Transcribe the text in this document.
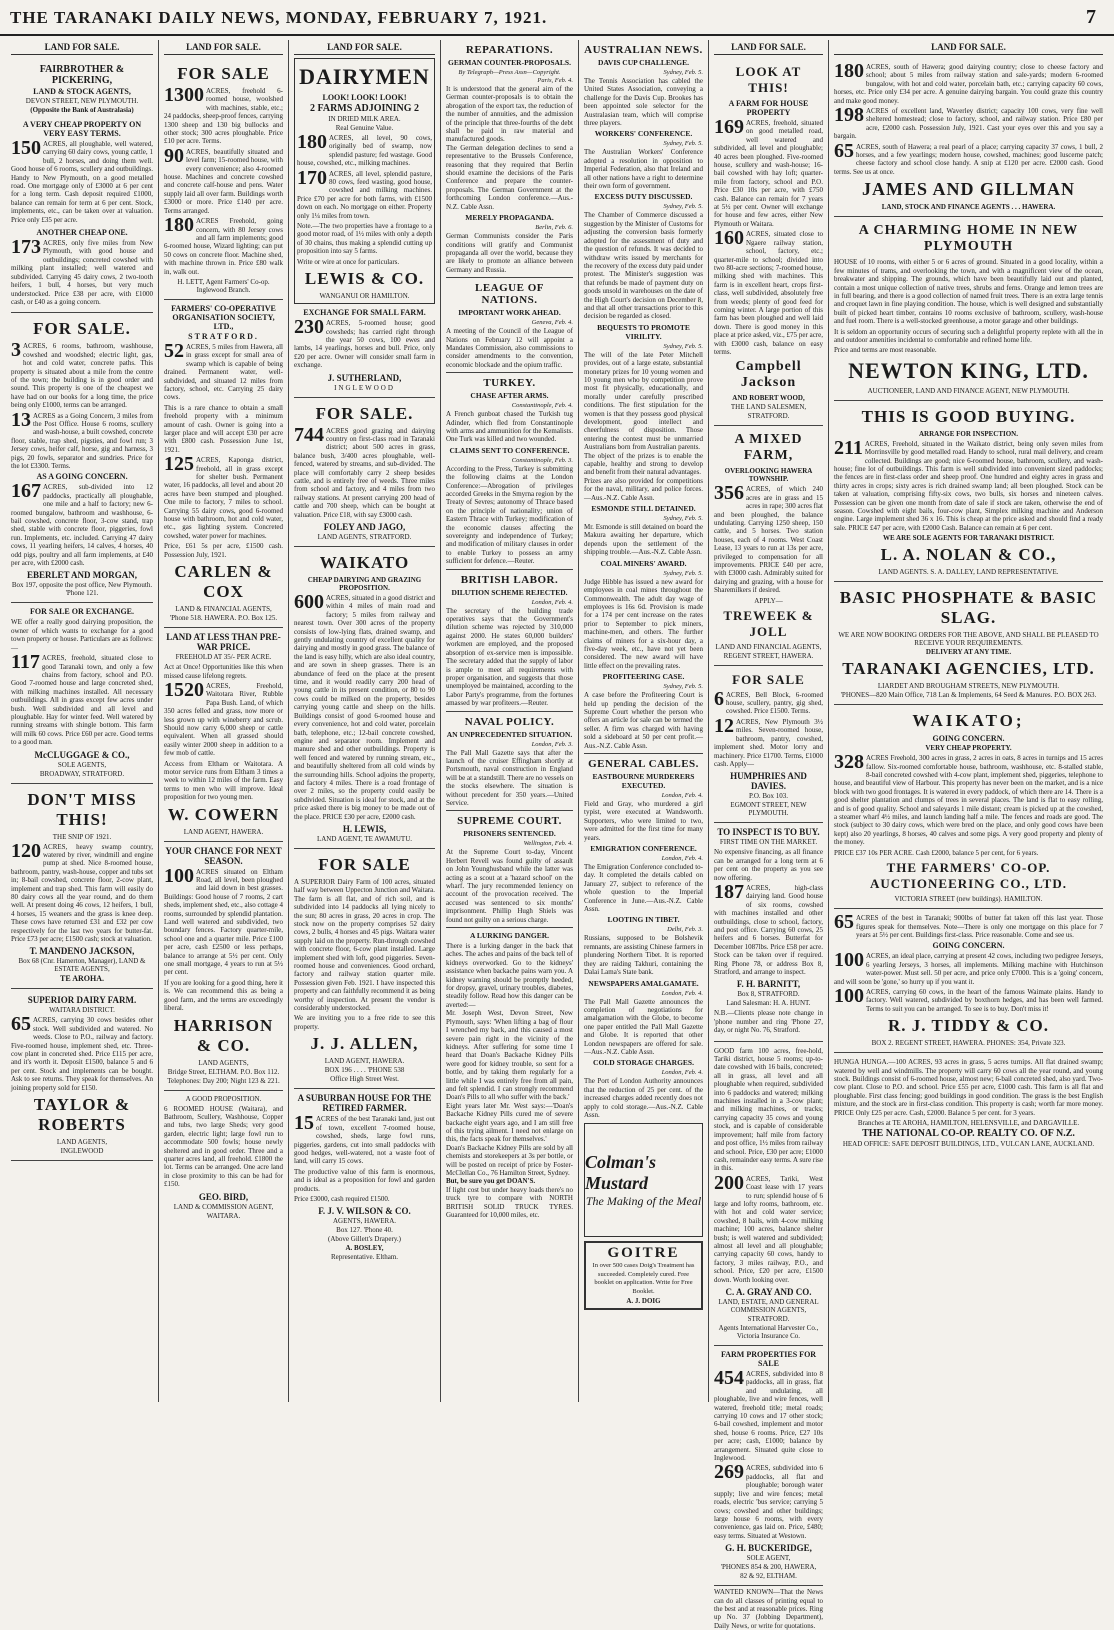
THE TARANAKI DAILY NEWS, MONDAY, FEBRUARY 7, 1921.	7
LAND FOR SALE.
FAIRBROTHER & PICKERING,
LAND & STOCK AGENTS,
DEVON STREET, NEW PLYMOUTH.
(Opposite the Bank of Australasia)
A VERY CHEAP PROPERTY ON VERY EASY TERMS.
150 ACRES, all ploughable, well watered, carrying 60 dairy cows, young cattle, 1 bull, 2 horses, and doing them well. Good house of 6 rooms, scullery and outbuildings. Handy to New Plymouth, on a good metalled road. One mortgage only of £3000 at 6 per cent for a long term. Cash deposit required £1000, balance can remain for term at 6 per cent. Stock, implements, etc., can be taken over at valuation. Price only £35 per acre.
ANOTHER CHEAP ONE.
173 ACRES, only five miles from New Plymouth, with good house and outbuildings; concreted cowshed with milking plant installed; well watered and subdivided. Carrying 45 dairy cows, 2 two-tooth heifers, 1 bull, 4 horses, but very much understocked. Price £38 per acre, with £1000 cash, or £40 as a going concern.
FOR SALE.
3 ACRES, 6 rooms, bathroom, washhouse, cowshed and woodshed; electric light, gas, hot and cold water, concrete paths. This property is situated about a mile from the centre of the town; the building is in good order and sound. This property is one of the cheapest we have had on our books for a long time, the price being only £1000, terms can be arranged.
13 ACRES as a Going Concern, 3 miles from the Post Office. House 6 rooms, scullery and wash-house, a built cowshed, concrete floor, stable, trap shed, pigsties, and fowl run; 3 Jersey cows, heifer calf, horse, gig and harness, 3 pigs, 20 fowls, separator and sundries. Price for the lot £3300. Terms.
AS A GOING CONCERN.
167 ACRES, sub-divided into 12 paddocks, practically all ploughable, one mile and a half to factory; new 6-roomed bungalow, bathroom and washhouse, 6-bail cowshed, concrete floor, 3-cow stand, trap shed, stable with concrete floor, piggeries, fowl run. Implements, etc. included. Carrying 47 dairy cows, 11 yearling heifers, 14 calves, 4 horses, 40 odd pigs, poultry and all farm implements, at £40 per acre, with £2000 cash.
EBERLET AND MORGAN,
Box 197, opposite the post office, New Plymouth. 'Phone 121.
FOR SALE OR EXCHANGE.
WE offer a really good dairying proposition, the owner of which wants to exchange for a good town property or house. Particulars are as follows:—
117 ACRES, freehold, situated close to good Taranaki town, and only a few chains from factory, school and P.O. Good 7-roomed house and large concreted shed, with milking machines installed. All necessary outbuildings. All in grass except few acres under bush. Well subdivided and all level and ploughable. Hay for winter feed. Well watered by running streams with shingle bottom. This farm will milk 60 cows. Price £60 per acre. Good terms to a good man.
McCLUGGAGE & CO.,
SOLE AGENTS,
BROADWAY, STRATFORD.
DON'T MISS THIS!
THE SNIP OF 1921.
120 ACRES, heavy swamp country, watered by river, windmill and engine pump at shed. Nice 8-roomed house, bathroom, pantry, wash-house, copper and tubs set in; 8-bail cowshed, concrete floor, 2-cow plant, implement and trap shed. This farm will easily do 80 dairy cows all the year round, and do them well. At present doing 46 cows, 12 heifers, 1 bull, 4 horses, 15 weaners and the grass is knee deep. These cows have returned £31 and £32 per cow respectively for the last two years for butter-fat. Price £73 per acre; £1500 cash; stock at valuation.
T. MANDENO JACKSON,
Box 68 (Cnr. Hamerton, Manager), LAND & ESTATE AGENTS,
TE AROHA.
SUPERIOR DAIRY FARM.
WAITARA DISTRICT.
65 ACRES, carrying 30 cows besides other stock. Well subdivided and watered. No weeds. Close to P.O., railway and factory. Five-roomed house, implement shed, etc. Three-cow plant in concreted shed. Price £115 per acre, and it's worth it. Deposit £1500, balance 5 and 6 per cent. Stock and implements can be bought. Ask to see returns. They speak for themselves. An joining property sold for £150.
TAYLOR & ROBERTS
LAND AGENTS,
INGLEWOOD
LAND FOR SALE.
FOR SALE
1300 ACRES, freehold 6-roomed house, woolshed with machines, stable, etc.; 24 paddocks, sheep-proof fences, carrying 1300 sheep and 130 big bullocks and other stock; 300 acres ploughable. Price £10 per acre. Terms.
90 ACRES, beautifully situated and level farm; 15-roomed house, with every convenience; also 4-roomed house. Machines and concrete cowshed and concrete calf-house and pens. Water supply laid all over farm. Buildings worth £3000 or more. Price £140 per acre. Terms arranged.
180 ACRES Freehold, going concern, with 80 Jersey cows and all farm implements; good 6-roomed house, Wizard lighting; can put 50 cows on concrete floor. Machine shed, with machine thrown in. Price £80 walk in, walk out.
H. LETT, Agent Farmers' Co-op. Inglewood Branch.
FARMERS' CO-OPERATIVE ORGANISATION SOCIETY, LTD.,
STRATFORD.
52 ACRES, 5 miles from Hawera, all in grass except for small area of swamp which is capable of being drained. Permanent water, well-subdivided, and situated 12 miles from factory, school, etc. Carrying 25 dairy cows.
This is a rare chance to obtain a small freehold property with a minimum amount of cash. Owner is going into a larger place and will accept £30 per acre with £800 cash. Possession June 1st, 1921.
125 ACRES, Kaponga district, freehold, all in grass except for shelter bush. Permanent water, 16 paddocks, all level and about 20 acres have been stumped and ploughed. One mile to factory, 7 miles to school. Carrying 55 dairy cows, good 6-roomed house with bathroom, hot and cold water, etc., gas lighting system. Concreted cowshed, water power for machines.
Price, £61 5s per acre, £1500 cash. Possession July, 1921.
CARLEN & COX
LAND & FINANCIAL AGENTS,
'Phone 518. HAWERA. P.O. Box 125.
LAND AT LESS THAN PRE-WAR PRICE.
FREEHOLD AT 35/- PER ACRE.
Act at Once! Opportunities like this when missed cause lifelong regrets.
1520 ACRES, Freehold, Waitotara River, Rubble Papa Bush. Land, of which 350 acres felled and grass, now more or less grown up with wineberry and scrub. Should now carry 6,000 sheep or cattle equivalent. When all grassed should easily winter 2000 sheep in addition to a few mob of cattle.
Access from Eltham or Waitotara. A motor service runs from Eltham 3 times a week to within 12 miles of the farm. Easy terms to men who will improve. Ideal proposition for two young men.
W. COWERN
LAND AGENT, HAWERA.
YOUR CHANCE FOR NEXT SEASON.
100 ACRES situated on Eltham Road, all level, been ploughed and laid down in best grasses. Buildings: Good house of 7 rooms, 2 cart sheds, implement shed, etc., also cottage 4 rooms, surrounded by splendid plantation. Land well watered and subdivided, two boundary fences. Factory quarter-mile, school one and a quarter mile. Price £100 per acre, cash £2500 or less perhaps, balance to arrange at 5½ per cent. Only one small mortgage, 4 years to run at 5½ per cent.
If you are looking for a good thing, here it is. We can recommend this as being a good farm, and the terms are exceedingly liberal.
HARRISON & CO.
LAND AGENTS,
Bridge Street, ELTHAM. P.O. Box 112.
Telephones: Day 200; Night 123 & 221.
A GOOD PROPOSITION.
6 ROOMED HOUSE (Waitara), and Bathroom, Scullery, Washhouse, Copper and tubs, two large Sheds; very good garden, electric light; large fowl run to accommodate 500 fowls; house newly sheltered and in good order. Three and a quarter acres land, all freehold. £1800 the lot. Terms can be arranged. One acre land in close proximity to this can be had for £150.
GEO. BIRD,
LAND & COMMISSION AGENT,
WAITARA.
LAND FOR SALE.
DAIRYMEN
LOOK! LOOK! LOOK!
2 FARMS ADJOINING 2
IN DRIED MILK AREA.
Real Genuine Value.
180 ACRES, all level, 90 cows, originally bed of swamp, now splendid pasture; fed wastage. Good house, cowshed, etc., milking machines.
170 ACRES, all level, splendid pasture, 80 cows, feed wasting, good house, cowshed and milking machines. Price £70 per acre for both farms, with £1500 down on each. No mortgage on either. Property only 1¼ miles from town.
Note.—The two properties have a frontage to a good motor road, of 1½ miles with only a depth of 30 chains, thus making a splendid cutting up proposition into say 5 farms.
Write or wire at once for particulars.
LEWIS & CO.
WANGANUI OR HAMILTON.
EXCHANGE FOR SMALL FARM.
230 ACRES, 5-roomed house; good cowsheds; has carried right through the year 50 cows, 100 ewes and lambs, 14 yearlings, horses and bull. Price, only £20 per acre. Owner will consider small farm in exchange.
J. SUTHERLAND,
INGLEWOOD
FOR SALE.
744 ACRES good grazing and dairying country on first-class road in Taranaki district; about 500 acres in grass, balance bush, 3/400 acres ploughable, well-fenced, watered by streams, and sub-divided. The place will comfortably carry 2 sheep besides cattle, and is entirely free of weeds. Three miles from school and factory, and 4 miles from two railway stations. At present carrying 200 head of cattle and 700 sheep, which can be bought at valuation. Price £18, with say £3000 cash.
FOLEY AND JAGO,
LAND AGENTS, STRATFORD.
WAIKATO
CHEAP DAIRYING AND GRAZING PROPOSITION.
600 ACRES, situated in a good district and within 4 miles of main road and factory; 5 miles from railway and nearest town. Over 300 acres of the property consists of low-lying flats, drained swamp, and gently undulating country of excellent quality for dairying and mostly in good grass. The balance of the land is easy hilly, which are also ideal country, and are sown in sheep grasses. There is an abundance of feed on the place at the present time, and it would readily carry 200 head of young cattle in its present condition, or 80 to 90 cows could be milked on the property, besides carrying young cattle and sheep on the hills. Buildings consist of good 6-roomed house and every convenience, hot and cold water, porcelain bath, telephone, etc.; 12-bail concrete cowshed, engine and separator room. Implement and manure shed and other outbuildings. Property is well fenced and watered by running stream, etc., and beautifully sheltered from all cold winds by the surrounding hills. School adjoins the property, and factory 4 miles. There is a road frontage of over 2 miles, so the property could easily be subdivided. Situation is ideal for stock, and at the price asked there is big money to be made out of the place. PRICE £30 per acre, £2000 cash.
H. LEWIS,
LAND AGENT, TE AWAMUTU.
FOR SALE
A SUPERIOR Dairy Farm of 100 acres, situated half way between Uppecton Junction and Waitara. The farm is all flat, and of rich soil, and is subdivided into 14 paddocks all lying nicely to the sun; 80 acres in grass, 20 acres in crop. The stock now on the property comprises 52 dairy cows, 2 bulls, 4 horses and 45 pigs. Waitara water supply laid on the property. Run-through cowshed with concrete floor, 6-cow plant installed. Large implement shed with loft, good piggeries. Seven-roomed house and conveniences. Good orchard, factory and railway station quarter mile. Possession given Feb. 1921. I have inspected this property and can faithfully recommend it as being worthy of inspection. At present the vendor is considerably understocked.
We are inviting you to a free ride to see this property.
J. J. ALLEN,
LAND AGENT, HAWERA.
BOX 196 . . . . 'PHONE 538
Office High Street West.
A SUBURBAN HOUSE FOR THE RETIRED FARMER.
15 ACRES of the best Taranaki land, just out of town, excellent 7-roomed house, cowshed, sheds, large fowl runs, piggeries, gardens, cut into small paddocks with good hedges, well-watered, not a waste foot of land, will carry 15 cows.
The productive value of this farm is enormous, and is ideal as a proposition for fowl and garden products.
Price £3000, cash required £1500.
F. J. V. WILSON & CO.
AGENTS, HAWERA.
Box 127. 'Phone 40.
(Above Gillett's Drapery.)
A. BOSLEY,
Representative. Eltham.
REPARATIONS.
GERMAN COUNTER-PROPOSALS.
By Telegraph—Press Assn—Copyright.
Paris, Feb. 4.
It is understood that the general aim of the German counter-proposals is to obtain the abrogation of the export tax, the reduction of the number of annuities, and the admission of the principle that three-fourths of the debt shall be paid in raw material and manufactured goods.
The German delegation declines to send a representative to the Brussels Conference, reasoning that they required that Berlin should examine the decisions of the Paris Conference and prepare the counter-proposals. The German Government at the forthcoming London conference.—Aus.-N.Z. Cable Assn.
MERELY PROPAGANDA.
Berlin, Feb. 6.
German Communists consider the Paris conditions will gratify and Communist propaganda all over the world, because they are likely to promote an alliance between Germany and Russia.
LEAGUE OF NATIONS.
IMPORTANT WORK AHEAD.
Geneva, Feb. 4.
A meeting of the Council of the League of Nations on February 12 will appoint a Mandates Commission, also commissions to consider amendments to the convention, economic blockade and the opium traffic.
TURKEY.
CHASE AFTER ARMS.
Constantinople, Feb. 4.
A French gunboat chased the Turkish tug Adinder, which fled from Constantinople with arms and ammunition for the Kemalists. One Turk was killed and two wounded.
CLAIMS SENT TO CONFERENCE.
Constantinople, Feb. 3.
According to the Press, Turkey is submitting the following claims at the London Conference:—Abrogation of privileges accorded Greeks in the Smyrna region by the Treaty of Sevres; autonomy of Thrace based on the principle of nationality; union of Eastern Thrace with Turkey; modification of the economic clauses affecting the sovereignty and independence of Turkey; and modification of military clauses in order to enable Turkey to possess an army sufficient for defence.—Reuter.
BRITISH LABOR.
DILUTION SCHEME REJECTED.
London, Feb. 4.
The secretary of the building trade operatives says that the Government's dilution scheme was rejected by 310,000 against 2000. He states 60,000 builders' workmen are employed, and the proposed absorption of ex-service men is impossible. The secretary added that the supply of labor is ample to meet all requirements with proper organisation, and suggests that those unemployed be maintained, according to the Labor Party's programme, from the fortunes amassed by war profiteers.—Reuter.
NAVAL POLICY.
AN UNPRECEDENTED SITUATION.
London, Feb. 3.
The Pall Mall Gazette says that after the launch of the cruiser Effingham shortly at Portsmouth, naval construction in England will be at a standstill. There are no vessels on the stocks elsewhere. The situation is without precedent for 350 years.—United Service.
SUPREME COURT.
PRISONERS SENTENCED.
Wellington, Feb. 4.
At the Supreme Court to-day, Vincent Herbert Revell was found guilty of assault on John Younghusband while the latter was acting as a scout at a 'hazard school' on the wharf. The jury recommended leniency on account of the provocation received. The accused was sentenced to six months' imprisonment. Phillip Hugh Shiels was found not guilty on a serious charge.
A LURKING DANGER.
There is a lurking danger in the back that aches. The aches and pains of the back tell of kidneys overworked. Go to the kidneys' assistance when backache pains warn you. A kidney warning should be promptly heeded, for dropsy, gravel, urinary troubles, diabetes, steadily follow. Read how this danger can be averted:—
Mr. Joseph West, Devon Street, New Plymouth, says: 'When lifting a bag of flour I wrenched my back, and this caused a most severe pain right in the vicinity of the kidneys. After suffering for some time I heard that Doan's Backache Kidney Pills were good for kidney trouble, so sent for a bottle, and by taking them regularly for a little while I was entirely free from all pain, and felt splendid. I can strongly recommend Doan's Pills to all who suffer with the back.'
Eight years later Mr. West says:—'Doan's Backache Kidney Pills cured me of severe backache eight years ago, and I am still free of this trying ailment. I need not enlarge on this, the facts speak for themselves.'
Doan's Backache Kidney Pills are sold by all chemists and storekeepers at 3s per bottle, or will be posted on receipt of price by Foster-McClellan Co., 76 Hamilton Street, Sydney.
But, be sure you get DOAN'S.
If light cost but under heavy loads there's no truck tyre to compare with NORTH BRITISH SOLID TRUCK TYRES. Guaranteed for 10,000 miles, etc.
AUSTRALIAN NEWS.
DAVIS CUP CHALLENGE.
Sydney, Feb. 5.
The Tennis Association has cabled the United States Association, conveying a challenge for the Davis Cup. Brookes has been appointed sole selector for the Australasian team, which will comprise three players.
WORKERS' CONFERENCE.
Sydney, Feb. 5.
The Australian Workers' Conference adopted a resolution in opposition to Imperial Federation, also that Ireland and all other nations have a right to determine their own form of government.
EXCESS DUTY DISCUSSED.
Sydney, Feb. 5.
The Chamber of Commerce discussed a suggestion by the Minister of Customs for adjusting the conversion basis formerly adopted for the assessment of duty and the question of refunds. It was decided to withdraw writs issued by merchants for the recovery of the excess duty paid under protest. The Minister's suggestion was that refunds be made of payment duty on goods unsold in warehouses on the date of the High Court's decision on December 8, and that all other transactions prior to this decision be regarded as closed.
BEQUESTS TO PROMOTE VIRILITY.
Sydney, Feb. 5.
The will of the late Peter Mitchell provides, out of a large estate, substantial monetary prizes for 10 young women and 10 young men who by competition prove most fit physically, educationally, and morally under carefully prescribed conditions. The first stipulation for the women is that they possess good physical development, good intellect and cheerfulness of disposition. Those entering the contest must be unmarried Australians born from Australian parents.
The object of the prizes is to enable the capable, healthy and strong to develop and benefit from their natural advantages.
Prizes are also provided for competitions for the naval, military, and police forces.—Aus.-N.Z. Cable Assn.
ESMONDE STILL DETAINED.
Sydney, Feb. 5.
Mr. Esmonde is still detained on board the Makura awaiting her departure, which depends upon the settlement of the shipping trouble.—Aus.-N.Z. Cable Assn.
COAL MINERS' AWARD.
Sydney, Feb. 5.
Judge Hibble has issued a new award for employees in coal mines throughout the Commonwealth. The adult day wage of employees is 16s 6d. Provision is made for a 174 per cent increase on the rates prior to September to pick miners, machine-men, and others. The further claims of miners for a six-hour day, a five-day week, etc., have not yet been considered. The new award will have little effect on the prevailing rates.
PROFITEERING CASE.
Sydney, Feb. 5.
A case before the Profiteering Court is held up pending the decision of the Supreme Court whether the person who offers an article for sale can be termed the seller. A firm was charged with having sold a sideboard at 50 per cent profit.—Aus.-N.Z. Cable Assn.
GENERAL CABLES.
EASTBOURNE MURDERERS EXECUTED.
London, Feb. 4.
Field and Gray, who murdered a girl typist, were executed at Wandsworth. Supporters, who were limited to two, were admitted for the first time for many years.
EMIGRATION CONFERENCE.
London, Feb. 4.
The Emigration Conference concluded to-day. It completed the details cabled on January 27, subject to reference of the whole question to the Imperial Conference in June.—Aus.-N.Z. Cable Assn.
LOOTING IN TIBET.
Delhi, Feb. 3.
Russians, supposed to be Bolshevik remnants, are assisting Chinese farmers in plundering Northern Tibet. It is reported they are raiding Takhuri, containing the Dalai Lama's State bank.
NEWSPAPERS AMALGAMATE.
London, Feb. 4.
The Pall Mall Gazette announces the completion of negotiations for amalgamation with the Globe, to become one paper entitled the Pall Mall Gazette and Globe. It is reported that other London newspapers are offered for sale.—Aus.-N.Z. Cable Assn.
COLD STORAGE CHARGES.
London, Feb. 4.
The Port of London Authority announces that the reduction of 25 per cent. of the increased charges added recently does not apply to cold storage.—Aus.-N.Z. Cable Assn.
Colman's Mustard
The Making of the Meal
GOITRE
In over 500 cases Doig's Treatment has succeeded. Completely cured. Free booklet on application. Write for Free Booklet.
A. J. DOIG
LAND FOR SALE.
LOOK AT THIS!
A FARM FOR HOUSE PROPERTY
169 ACRES, freehold, situated on good metalled road, well watered and subdivided, all level and ploughable; 40 acres been ploughed. Five-roomed house, scullery and wash-house; 16-bail cowshed with hay loft; quarter-mile from factory, school and P.O. Price £30 10s per acre, with £750 cash. Balance can remain for 7 years at 5½ per cent. Owner will exchange for house and few acres, either New Plymouth or Waitara.
160 ACRES, situated close to Ngaere railway station, school, factory, etc.; quarter-mile to school; divided into two 80-acre sections; 7-roomed house, milking shed with machines. This farm is in excellent heart, crops first-class, well subdivided, absolutely free from weeds; plenty of good feed for coming winter. A large portion of this farm has been ploughed and well laid down. There is good money in this place at price asked, viz., £75 per acre, with £3000 cash, balance on easy terms.
Campbell Jackson
AND ROBERT WOOD,
THE LAND SALESMEN,
STRATFORD.
A MIXED FARM,
OVERLOOKING HAWERA TOWNSHIP.
356 ACRES, of which 240 acres are in grass and 15 acres in rape; 300 acres flat and been ploughed, the balance undulating. Carrying 1250 sheep, 150 cattle, and 5 horses. Two station houses, each of 4 rooms. West Coast Lease, 13 years to run at 13s per acre, privileged to compensation for all improvements. PRICE £40 per acre, with £3000 cash. Admirably suited for dairying and grazing, with a house for Sharemilkers if desired.
APPLY—
TREWEEK & JOLL
LAND AND FINANCIAL AGENTS,
REGENT STREET, HAWERA.
FOR SALE
6 ACRES, Bell Block, 6-roomed house, scullery, pantry, gig shed, cowshed. Price £1500. Terms.
12 ACRES, New Plymouth 3½ miles. Seven-roomed house, bathroom, pantry, cowshed, implement shed. Motor lorry and machinery. Price £1700. Terms, £1000 cash. Apply—
HUMPHRIES AND DAVIES.
P.O. Box 103.
EGMONT STREET, NEW PLYMOUTH.
TO INSPECT IS TO BUY.
FIRST TIME ON THE MARKET.
No expensive financing, as all finance can be arranged for a long term at 6 per cent on the property as you see now offering.
187 ACRES, high-class dairying land. Good house of six rooms, cowshed with machines installed and other outbuildings, close to school, factory, and post office. Carrying 60 cows, 25 heifers and 6 horses. Butterfat for December 1087lbs. Price £58 per acre. Stock can be taken over if required. Ring Phone 78, or address Box 8, Stratford, and arrange to inspect.
F. H. BARNITT,
Box 8, STRATFORD.
Land Salesman: H. A. HUNT.
N.B.—Clients please note change in 'phone number and ring 'Phone 27, day, or night No. 76, Stratford.
GOOD farm 100 acres, free-hold, Tariki district, house 5 rooms; up-to-date cowshed with 16 bails, concreted; all in grass, all level and all ploughable when required, subdivided into 6 paddocks and watered; milking machines installed in a 3-cow plant; and milking machines, or tracks; carrying capacity 35 cows and young stock, and is capable of considerable improvement; half mile from factory and post office, 1½ miles from railway and school. Price, £30 per acre; £1000 cash, remainder easy terms. A sure rise in this.
200 ACRES, Tariki, West Coast lease with 17 years to run; splendid house of 6 large and lofty rooms, bathroom, etc. with hot and cold water service; cowshed, 8 bails, with 4-cow milking machine; 100 acres, balance shelter bush; is well watered and subdivided; almost all level and all ploughable; carrying capacity 60 cows, handy to factory, 3 miles railway, P.O., and school. Price, £20 per acre, £1500 down. Worth looking over.
C. A. GRAY AND CO.
LAND, ESTATE, AND GENERAL COMMISSION AGENTS,
STRATFORD.
Agents International Harvester Co., Victoria Insurance Co.
FARM PROPERTIES FOR SALE
454 ACRES, subdivided into 8 paddocks, all in grass, flat and undulating, all ploughable, live and wire fences, well watered, freehold title; metal roads; carrying 10 cows and 17 other stock; 6-bail cowshed, implement and motor shed, house 6 rooms. Price, £27 10s per acre; cash, £1000; balance by arrangement. Situated quite close to Inglewood.
269 ACRES, subdivided into 6 paddocks, all flat and ploughable; borough water supply; live and wire fences; metal roads, electric 'bus service; carrying 5 cows; cowshed and other buildings; large house 6 rooms, with every convenience, gas laid on. Price, £480; easy terms. Situated at Westown.
G. H. BUCKERIDGE,
SOLE AGENT,
'PHONES 854 & 200, HAWERA,
82 & 92, ELTHAM.
WANTED KNOWN—That the News can do all classes of printing equal to the best and at reasonable prices. Ring up No. 37 (Jobbing Department), Daily News, or write for quotations.
LAND FOR SALE.
180 ACRES, south of Hawera; good dairying country; close to cheese factory and school; about 5 miles from railway station and sale-yards; modern 6-roomed bungalow, with hot and cold water, porcelain bath, etc.; carrying capacity 60 cows, horses, etc. Price only £34 per acre. A genuine dairying bargain. You could graze this country and make good money.
198 ACRES of excellent land, Waverley district; capacity 100 cows, very fine well sheltered homestead; close to factory, school, and railway station. Price £80 per acre, £2000 cash. Possession July, 1921. Cast your eyes over this and you say a bargain.
65 ACRES, south of Hawera; a real pearl of a place; carrying capacity 37 cows, 1 bull, 2 horses, and a few yearlings; modern house, cowshed, machines; good luscerne patch; cheese factory and school close handy. A snip at £120 per acre. £2000 cash. Good terms. See us at once.
JAMES AND GILLMAN
LAND, STOCK AND FINANCE AGENTS . . . HAWERA.
A CHARMING HOME IN NEW PLYMOUTH
HOUSE of 10 rooms, with either 5 or 6 acres of ground. Situated in a good locality, within a few minutes of trams, and overlooking the town, and with a magnificent view of the ocean, breakwater and shipping. The grounds, which have been beautifully laid out and planted, contain a most unique collection of native trees, shrubs and ferns. Orange and lemon trees are in full bearing, and there is a good collection of named fruit trees. There is an extra large tennis and croquet lawn in fine playing condition. The house, which is well designed and substantially built of picked heart timber, contains 10 rooms exclusive of bathroom, scullery, wash-house and fuel room. There is a well-stocked greenhouse, a motor garage and other buildings.
It is seldom an opportunity occurs of securing such a delightful property replete with all the in and outdoor amenities incidental to comfortable and refined home life.
Price and terms are most reasonable.
NEWTON KING, LTD.
AUCTIONEER, LAND AND FINANCE AGENT, NEW PLYMOUTH.
THIS IS GOOD BUYING.
ARRANGE FOR INSPECTION.
211 ACRES, Freehold, situated in the Waikato district, being only seven miles from Morrinsville by good metalled road. Handy to school, rural mail delivery, and cream collected. Buildings are good; nice 6-roomed house, bathroom, scullery, and wash-house; fine lot of outbuildings. This farm is well subdivided into convenient sized paddocks; the fences are in first-class order and sheep proof. One hundred and eighty acres in grass and thirty acres in crops; sixty acres is rich drained swamp land; all been ploughed. Stock can be taken at valuation, comprising fifty-six cows, two bulls, six horses and nineteen calves. Possession can be given one month from date of sale if stock are taken, otherwise the end of season. Cowshed with eight bails, four-cow plant, Simplex milking machine and Anderson engine. Large implement shed 36 x 16. This is cheap at the price asked and should find a ready sale. PRICE £47 per acre, with £2000 Cash. Balance can remain at 6 per cent.
WE ARE SOLE AGENTS FOR TARANAKI DISTRICT.
L. A. NOLAN & CO.,
LAND AGENTS. S. A. DALLEY, LAND REPRESENTATIVE.
BASIC PHOSPHATE & BASIC SLAG.
WE ARE NOW BOOKING ORDERS FOR THE ABOVE, AND SHALL BE PLEASED TO RECEIVE YOUR REQUIREMENTS.
DELIVERY AT ANY TIME.
TARANAKI AGENCIES, LTD.
LIARDET AND BROUGHAM STREETS, NEW PLYMOUTH.
'PHONES—820 Main Office, 718 Lan & Implements, 64 Seed & Manures. P.O. BOX 263.
WAIKATO;
GOING CONCERN.
VERY CHEAP PROPERTY.
328 ACRES Freehold, 300 acres in grass, 2 acres in oats, 8 acres in turnips and 15 acres fallow. Six-roomed comfortable house, bathroom, washhouse, etc. 8-stalled stable, 8-bail concreted cowshed with 4-cow plant, implement shed, piggeries, telephone to house, and beautiful view of Harbour. This property has never been on the market, and is a nice block with two good frontages. It is watered in every paddock, of which there are 14. There is a good shelter plantation and clumps of trees in several places. The land is flat to easy rolling, and is of good quality. School and saleyards 1 mile distant; cream is picked up at the cowshed, a steamer wharf 4½ miles, and launch landing half a mile. The fences and roads are good. The stock (subject to 30 dairy cows, which were bred on the place, and only good cows have been kept) also 20 yearlings, 8 horses, 40 calves and some pigs. A very good property and plenty of the money.
PRICE £37 10s PER ACRE. Cash £2000, balance 5 per cent, for 6 years.
THE FARMERS' CO-OP. AUCTIONEERING CO., LTD.
VICTORIA STREET (new buildings). HAMILTON.
65 ACRES of the best in Taranaki; 900lbs of butter fat taken off this last year. Those figures speak for themselves. Note—There is only one mortgage on this place for 7 years at 5½ per cent. Buildings first-class. Price reasonable. Come and see us.
GOING CONCERN.
100 ACRES, an ideal place, carrying at present 42 cows, including two pedigree Jerseys, 6 yearling Jerseys, 3 horses, all implements. Milking machine with Hutchinson water-power. Must sell. 50 per acre, and price only £7000. This is a 'going' concern, and will soon be 'gone,' so hurry up if you want it.
100 ACRES, carrying 60 cows, in the heart of the famous Waimate plains. Handy to factory. Well watered, subdivided by boxthorn hedges, and has been well farmed. Terms to suit you can be arranged. To see is to buy. Don't miss it!
R. J. TIDDY & CO.
BOX 2. REGENT STREET, HAWERA. PHONES: 354, Private 323.
HUNGA HUNGA.—100 ACRES, 93 acres in grass, 5 acres turnips. All flat drained swamp; watered by well and windmills. The property will carry 60 cows all the year round, and young stock. Buildings consist of 6-roomed house, almost new; 6-bail concreted shed, also yard. Two-cow plant. Close to P.O. and school. Price £55 per acre, £1000 cash. This farm is all flat and ploughable. First class fencing; good buildings in good condition. The grass is the best English mixture, and the stock are in first-class condition. This property is cash; worth far more money. PRICE Only £25 per acre. Cash, £2000. Balance 5 per cent. for 3 years.
Branches at TE AROHA, HAMILTON, HELENSVILLE, and DARGAVILLE.
THE NATIONAL CO-OP. REALTY CO. OF N.Z.
HEAD OFFICE: SAFE DEPOSIT BUILDINGS, LTD., VULCAN LANE, AUCKLAND.
